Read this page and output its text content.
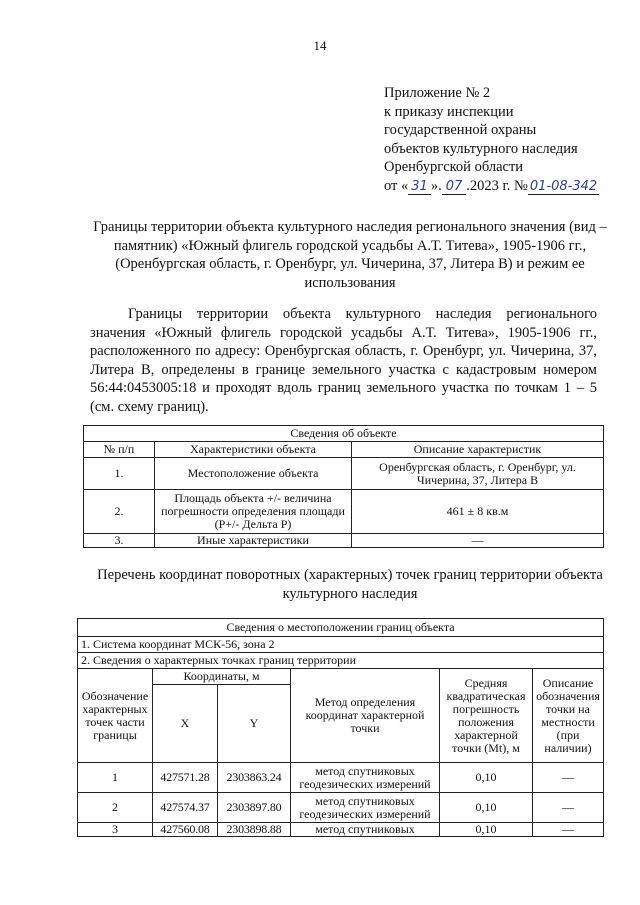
14
Приложение № 2
к приказу инспекции
государственной охраны
объектов культурного наследия
Оренбургской области
от « 31 ». 07 .2023 г. № 01-08-342
Границы территории объекта культурного наследия регионального значения (вид – памятник) «Южный флигель городской усадьбы А.Т. Титева», 1905-1906 гг., (Оренбургская область, г. Оренбург, ул. Чичерина, 37, Литера В) и режим ее использования
Границы территории объекта культурного наследия регионального значения «Южный флигель городской усадьбы А.Т. Титева», 1905-1906 гг., расположенного по адресу: Оренбургская область, г. Оренбург, ул. Чичерина, 37, Литера В, определены в границе земельного участка с кадастровым номером 56:44:0453005:18 и проходят вдоль границ земельного участка по точкам 1 – 5 (см. схему границ).
Сведения об объекте		
№ п/п	Характеристики объекта	Описание характеристик
1.	Местоположение объекта	Оренбургская область, г. Оренбург, ул. Чичерина, 37, Литера В
2.	Площадь объекта +/- величина погрешности определения площади (Р+/- Дельта Р)	461 ± 8 кв.м
3.	Иные характеристики	—
Перечень координат поворотных (характерных) точек границ территории объекта культурного наследия
Сведения о местоположении границ объекта					
1. Система координат МСК-56, зона 2					
2. Сведения о характерных точках границ территории					
Обозначение характерных точек части границы	Координаты, м		Метод определения координат характерной точки	Средняя квадратическая погрешность положения характерной точки (Mt), м	Описание обозначения точки на местности (при наличии)
	X	Y			
1	427571.28	2303863.24	метод спутниковых геодезических измерений	0,10	—
2	427574.37	2303897.80	метод спутниковых геодезических измерений	0,10	—
3	427560.08	2303898.88	метод спутниковых	0,10	—
